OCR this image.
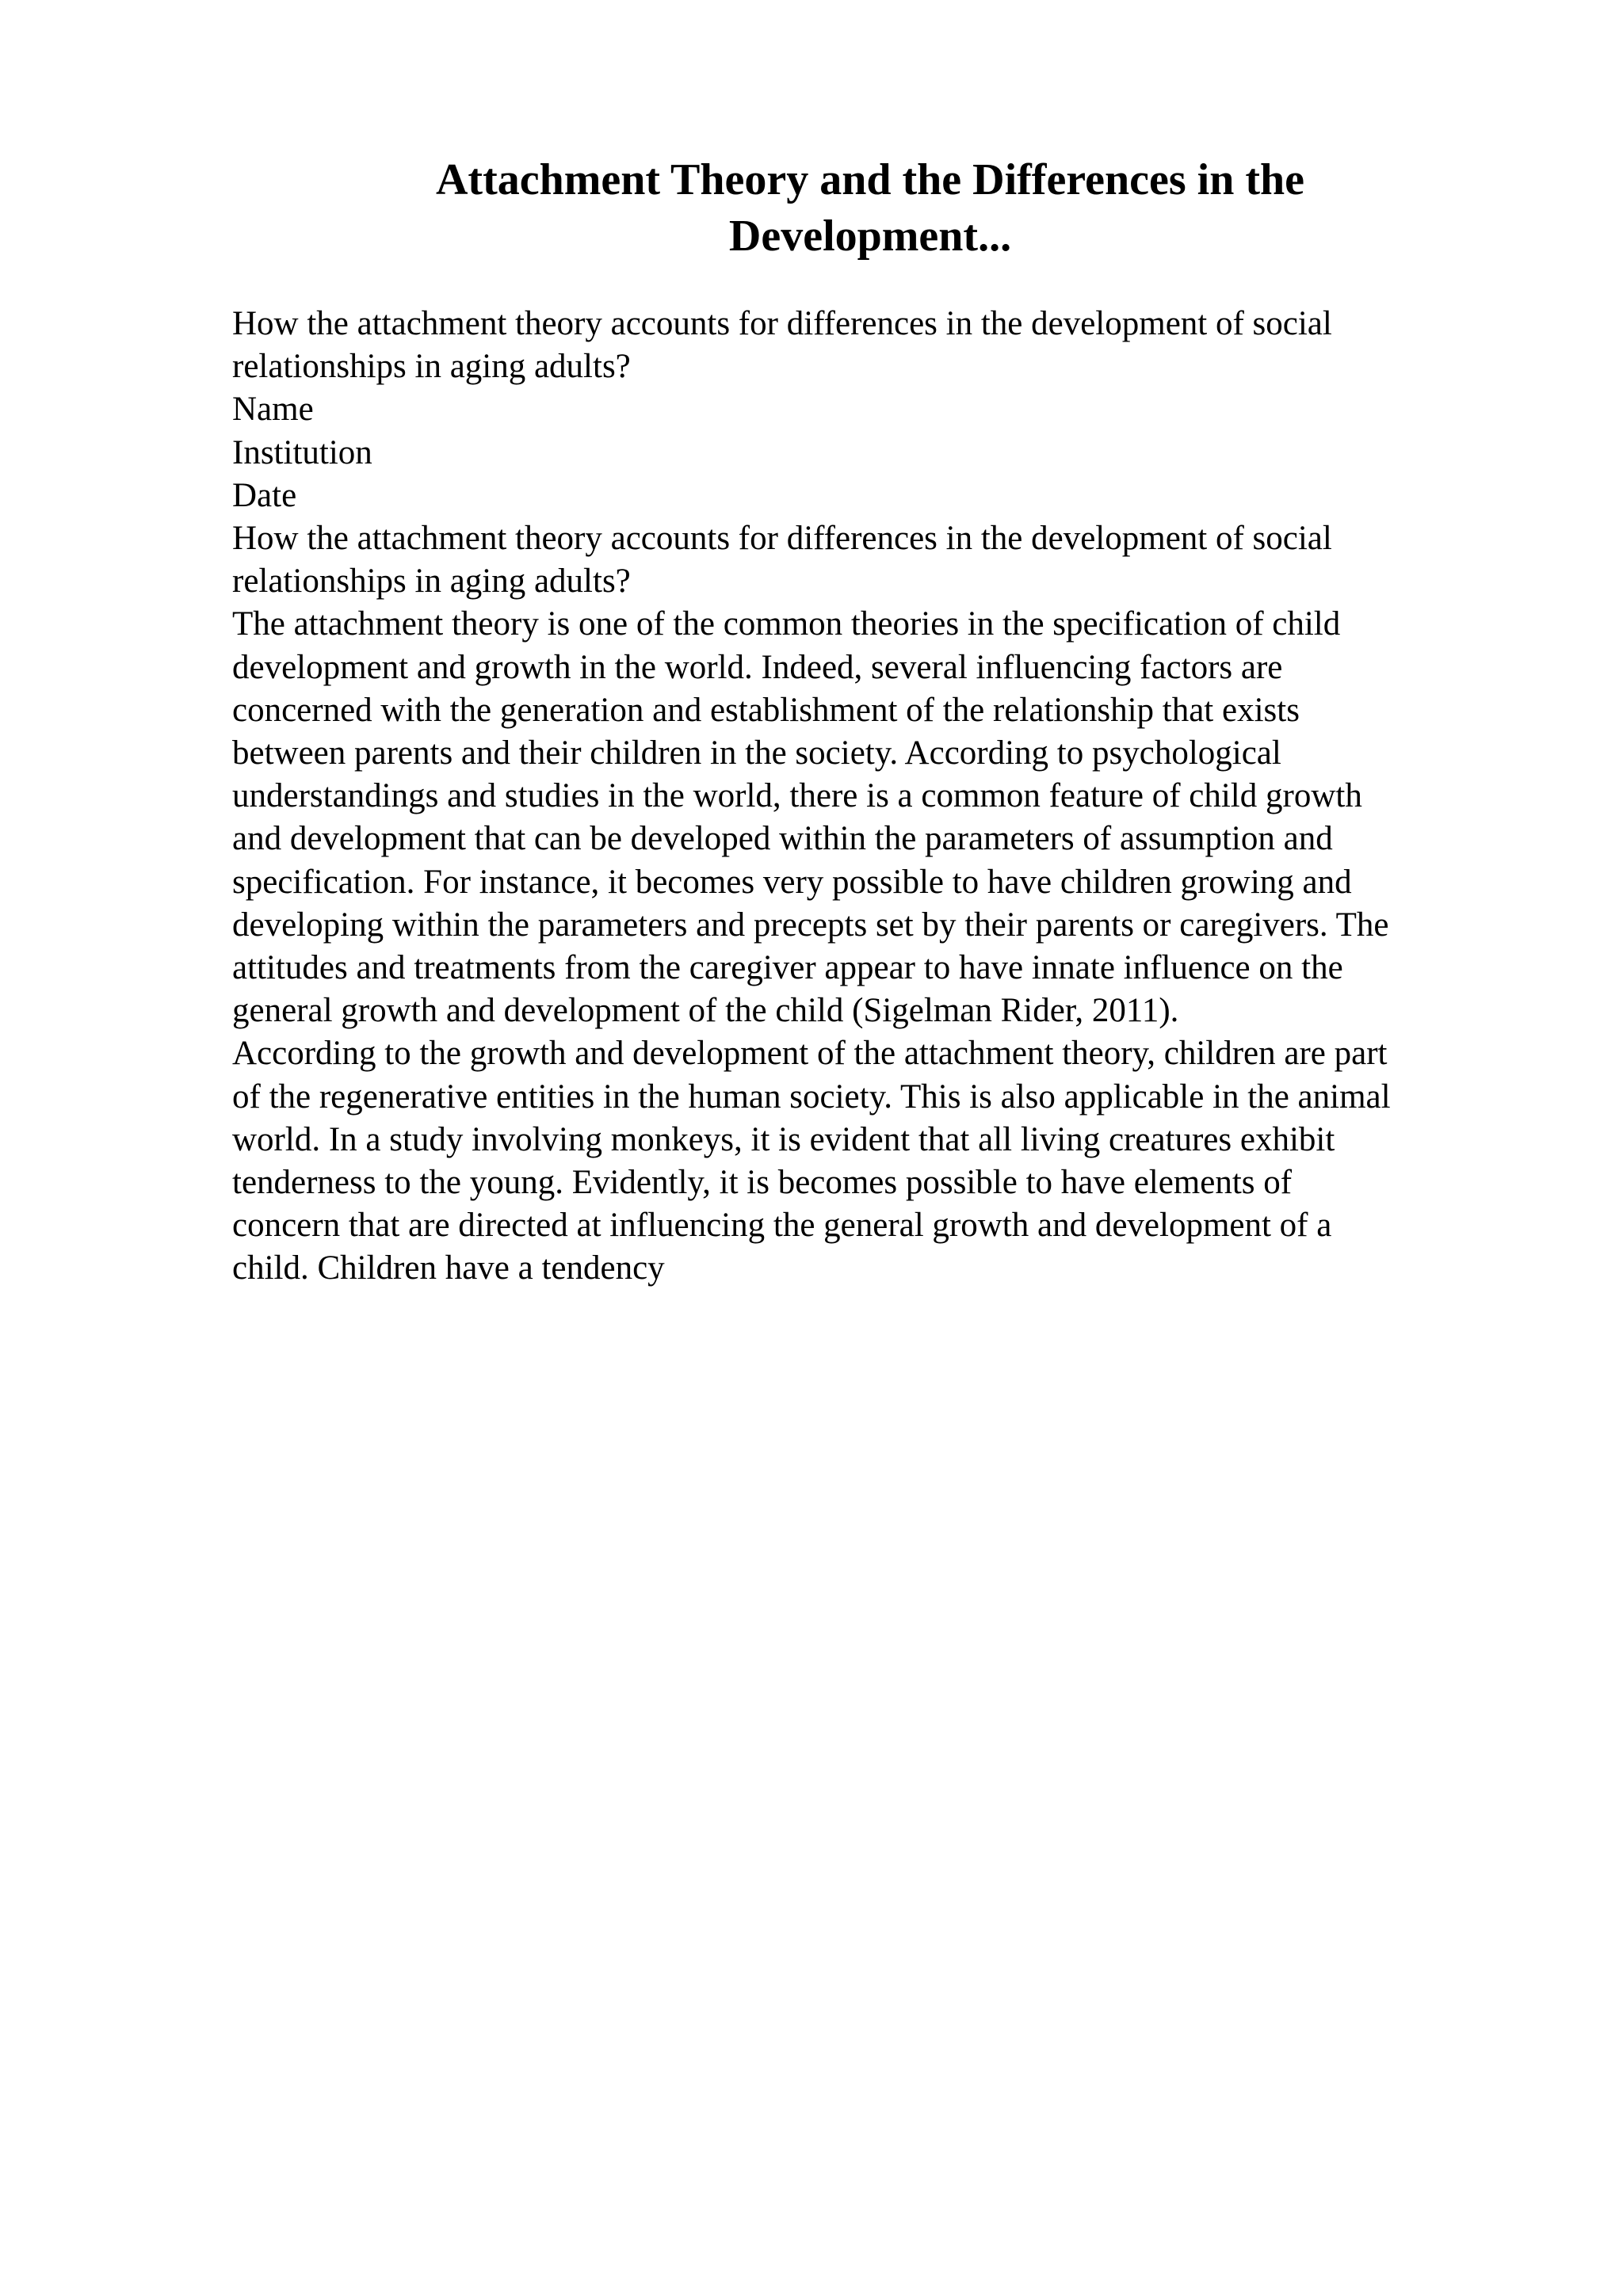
Attachment Theory and the Differences in the
Development...
How the attachment theory accounts for differences in the development of social
relationships in aging adults?
Name
Institution
Date
How the attachment theory accounts for differences in the development of social
relationships in aging adults?
The attachment theory is one of the common theories in the specification of child
development and growth in the world. Indeed, several influencing factors are
concerned with the generation and establishment of the relationship that exists
between parents and their children in the society. According to psychological
understandings and studies in the world, there is a common feature of child growth
and development that can be developed within the parameters of assumption and
specification. For instance, it becomes very possible to have children growing and
developing within the parameters and precepts set by their parents or caregivers. The
attitudes and treatments from the caregiver appear to have innate influence on the
general growth and development of the child (Sigelman Rider, 2011).
According to the growth and development of the attachment theory, children are part
of the regenerative entities in the human society. This is also applicable in the animal
world. In a study involving monkeys, it is evident that all living creatures exhibit
tenderness to the young. Evidently, it is becomes possible to have elements of
concern that are directed at influencing the general growth and development of a
child. Children have a tendency
